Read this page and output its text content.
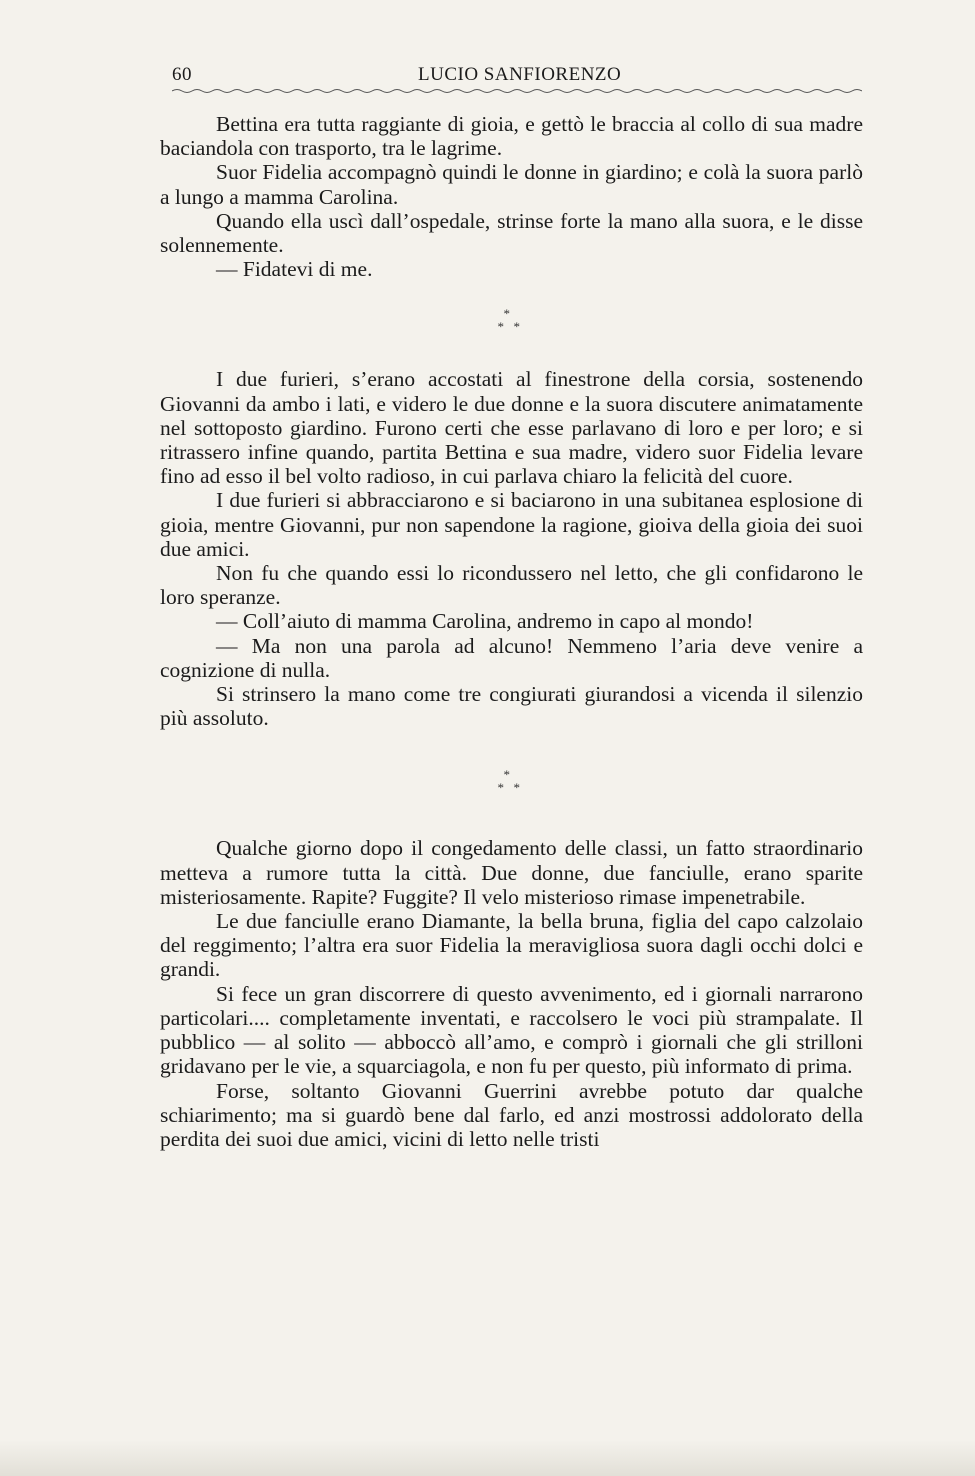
60	LUCIO SANFIORENZO

Bettina era tutta raggiante di gioia, e gettò le braccia al collo di sua madre baciandola con trasporto, tra le lagrime.

Suor Fidelia accompagnò quindi le donne in giardino; e colà la suora parlò a lungo a mamma Carolina.

Quando ella uscì dall’ospedale, strinse forte la mano alla suora, e le disse solennemente.

— Fidatevi di me.

*
* *

I due furieri, s’erano accostati al finestrone della corsia, sostenendo Giovanni da ambo i lati, e videro le due donne e la suora discutere animatamente nel sottoposto giardino. Furono certi che esse parlavano di loro e per loro; e si ritrassero infine quando, partita Bettina e sua madre, videro suor Fidelia levare fino ad esso il bel volto radioso, in cui parlava chiaro la felicità del cuore.

I due furieri si abbracciarono e si baciarono in una subitanea esplosione di gioia, mentre Giovanni, pur non sapendone la ragione, gioiva della gioia dei suoi due amici.

Non fu che quando essi lo ricondussero nel letto, che gli confidarono le loro speranze.

— Coll’aiuto di mamma Carolina, andremo in capo al mondo!

— Ma non una parola ad alcuno! Nemmeno l’aria deve venire a cognizione di nulla.

Si strinsero la mano come tre congiurati giurandosi a vicenda il silenzio più assoluto.

*
* *

Qualche giorno dopo il congedamento delle classi, un fatto straordinario metteva a rumore tutta la città. Due donne, due fanciulle, erano sparite misteriosamente. Rapite? Fuggite? Il velo misterioso rimase impenetrabile.

Le due fanciulle erano Diamante, la bella bruna, figlia del capo calzolaio del reggimento; l’altra era suor Fidelia la meravigliosa suora dagli occhi dolci e grandi.

Si fece un gran discorrere di questo avvenimento, ed i giornali narrarono particolari.... completamente inventati, e raccolsero le voci più strampalate. Il pubblico — al solito — abboccò all’amo, e comprò i giornali che gli strilloni gridavano per le vie, a squarciagola, e non fu per questo, più informato di prima.

Forse, soltanto Giovanni Guerrini avrebbe potuto dar qualche schiarimento; ma si guardò bene dal farlo, ed anzi mostrossi addolorato della perdita dei suoi due amici, vicini di letto nelle tristi
